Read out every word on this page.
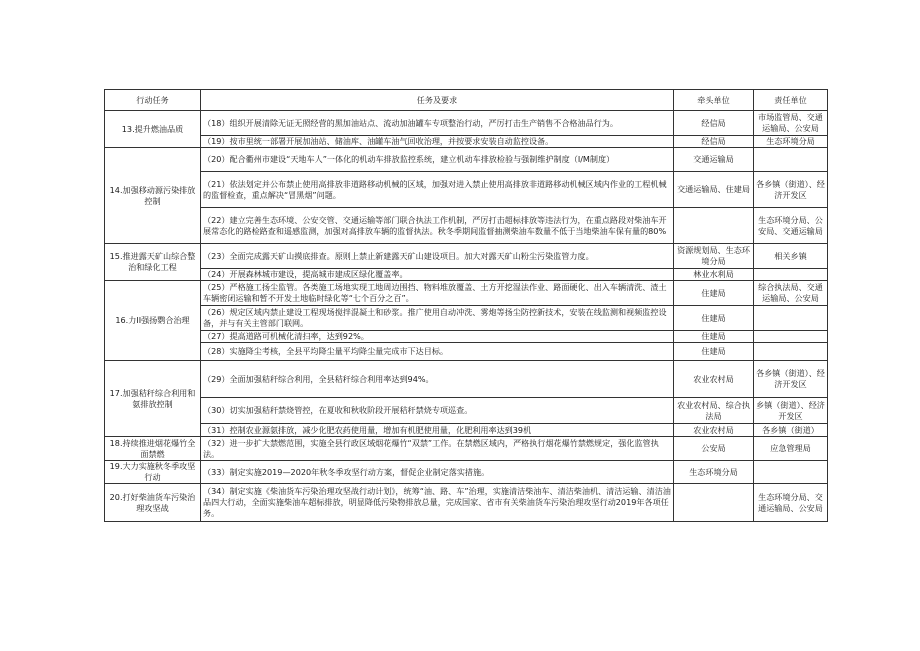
行动任务	任务及要求	牵头单位	责任单位
13.提升燃油品质	（18）组织开展清除无证无照经营的黑加油站点、流动加油罐车专项整治行动，严厉打击生产销售不合格油品行为。	经信局	市场监管局、交通运输局、公安局
	（19）按市里统一部署开展加油站、储油库、油罐车油气回收治理，并按要求安装自动监控设备。	经信局	生态环境分局
14.加强移动源污染排放控制	（20）配合衢州市建设“天地车人”一体化的机动车排放监控系统，建立机动车排放检验与强制维护制度（I/M制度）	交通运输局	
	（21）依法划定并公布禁止使用高排放非道路移动机械的区域，加强对进入禁止使用高排放非道路移动机械区域内作业的工程机械的监督检查，重点解决“冒黑烟”问题。	交通运输局、住建局	各乡镇（街道）、经济开发区
	（22）建立完善生态环境、公安交管、交通运输等部门联合执法工作机制，严厉打击超标排放等违法行为，在重点路段对柴油车开展常态化的路检路查和遥感监测，加强对高排放车辆的监督执法。秋冬季期间监督抽测柴油车数量不低于当地柴油车保有量的80%		生态环境分局、公安局、交通运输局
15.推进露天矿山综合整治和绿化工程	（23）全面完成露天矿山摸底排查。原则上禁止新建露天矿山建设项目。加大对露天矿山粉尘污染监管力度。	资源规划局、生态环境分局	相关乡镇
	（24）开展森林城市建设，提高城市建成区绿化覆盖率。	林业水利局	
16.力II强扬鹦合治理	（25）严格施工扬尘监管。各类施工场地实现工地周边围挡、物料堆放覆盖、土方开挖湿法作业、路面硬化、出入车辆清洗、渣土车辆密闭运输和暂不开发土地临时绿化等“七个百分之百”。	住建局	综合执法局、交通运输局、公安局
	（26）规定区域内禁止建设工程现场搅拌混凝土和砂浆。推广使用自动冲洗、雾炮等扬尘防控新技术，安装在线监测和视频监控设备，并与有关主管部门联网。	住建局	
	（27）提高道路可机械化清扫率，达到92%。	住建局	
	（28）实施降尘考核，全县平均降尘量平均降尘量完成市下达目标。	住建局	
17.加强秸秆综合利用和氨排放控制	（29）全面加强秸秆综合利用，全县秸秆综合利用率达到94%。	农业农村局	各乡镇（街道）、经济开发区
	（30）切实加强秸秆禁烧管控，在夏收和秋收阶段开展秸秆禁烧专项巡查。	农业农村局、综合执法局	乡镇（街道）、经济开发区
	（31）控制农业源氨排放，减少化肥农药使用量，增加有机肥使用量，化肥利用率达到39机	农业农村局	各乡镇（街道）
18.持续推进烟花爆竹全面禁燃	（32）进一步扩大禁燃范围，实施全县行政区域烟花爆竹“双禁”工作。在禁燃区域内，严格执行烟花爆竹禁燃规定，强化监管执法。	公安局	应急管理局
19.大力实施秋冬季攻坚行动	（33）制定实施2019—2020年秋冬季攻坚行动方案，督促企业制定落实措施。	生态环境分局	
20.打好柴油货车污染治理攻坚战	（34）制定实施《柴油货车污染治理攻坚战行动计划》，统筹“油、路、车”治理，实施清洁柴油车、清洁柴油机、清洁运输、清洁油品四大行动，全面实施柴油车超标排放，明显降低污染物排放总量，完成国家、省市有关柴油货车污染治理攻坚行动2019年各项任务。		生态环境分局、交通运输局、公安局
